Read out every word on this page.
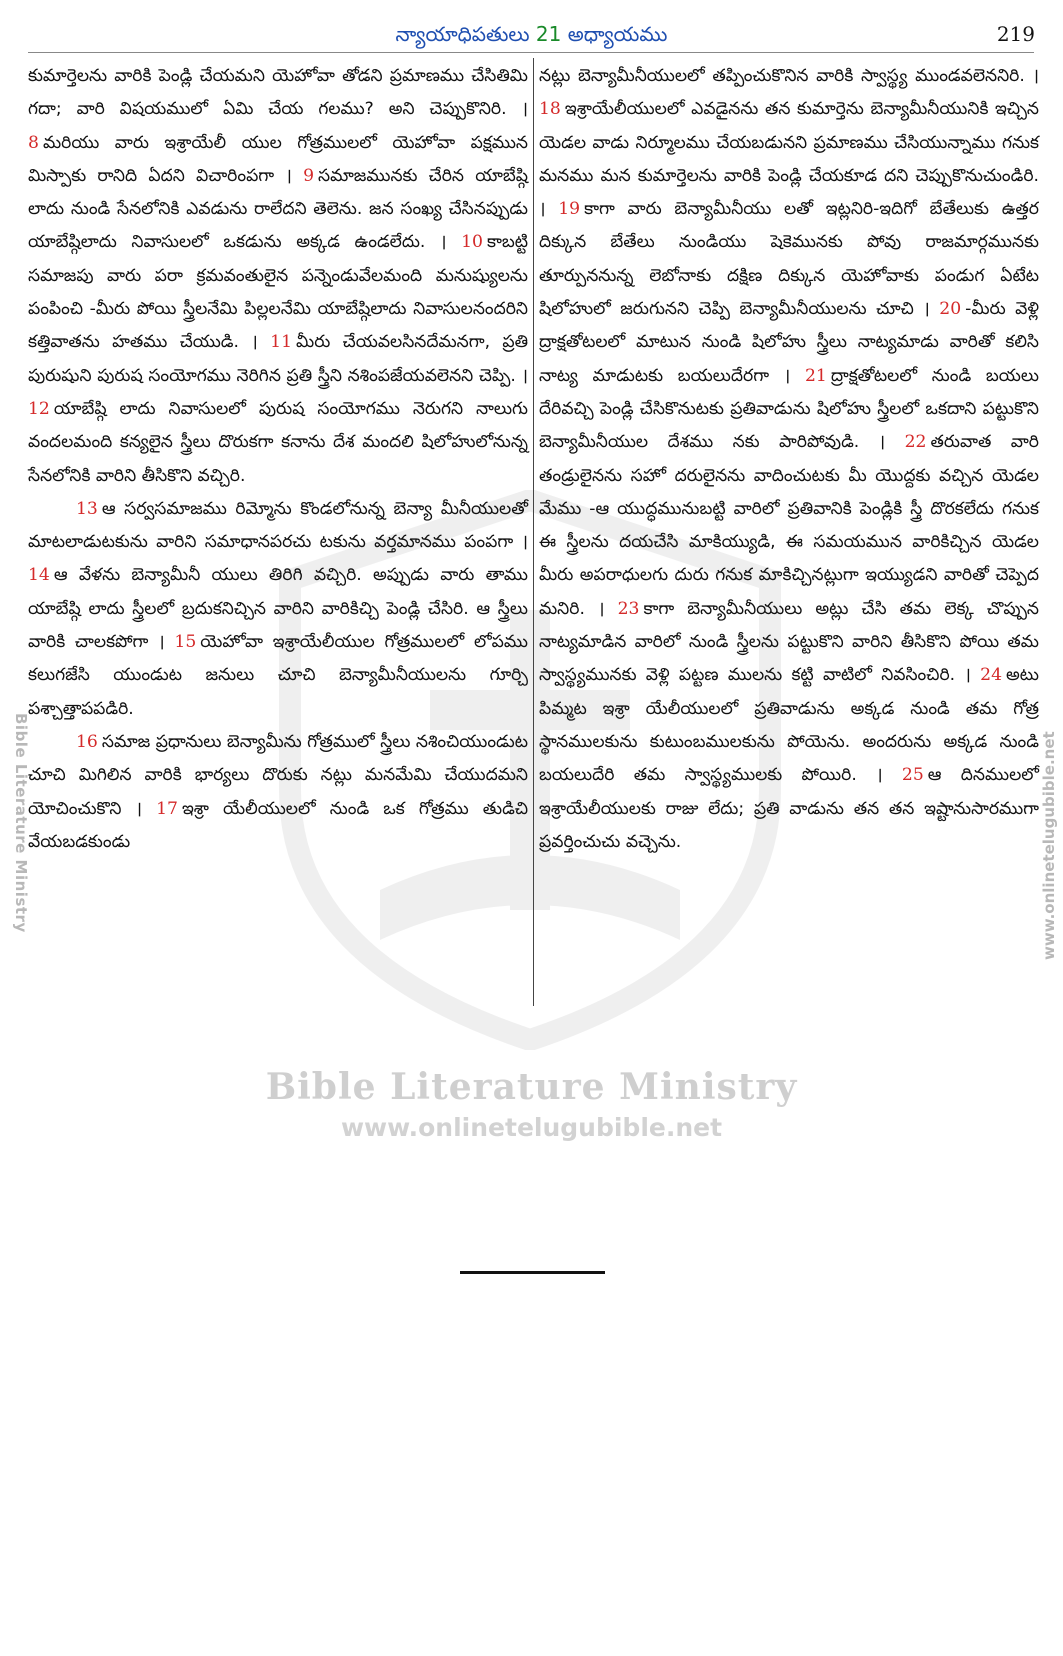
న్యాయాధిపతులు 21 అధ్యాయము	219

కుమార్తెలను వారికి పెండ్లి చేయమని యెహోవా తోడని ప్రమాణము చేసితిమి గదా; వారి విషయములో ఏమి చేయ గలము? అని చెప్పుకొనిరి. । 8 మరియు వారు ఇశ్రాయేలీ యుల గోత్రములలో యెహోవా పక్షమున మిస్పాకు రానిది ఏదని విచారింపగా । 9 సమాజమునకు చేరిన యాబేష్గి లాదు నుండి సేనలోనికి ఎవడును రాలేదని తెలెను. జన సంఖ్య చేసినప్పుడు యాబేష్గిలాదు నివాసులలో ఒకడును అక్కడ ఉండలేదు. । 10 కాబట్టి సమాజపు వారు పరా క్రమవంతులైన పన్నెండువేలమంది మనుష్యులను పంపించి -మీరు పోయి స్త్రీలనేమి పిల్లలనేమి యాబేష్గిలాదు నివాసులనందరిని కత్తివాతను హతము చేయుడి. । 11 మీరు చేయవలసినదేమనగా, ప్రతి పురుషుని పురుష సంయోగము నెరిగిన ప్రతి స్త్రీని నశింపజేయవలెనని చెప్పి. । 12 యాబేష్గి లాదు నివాసులలో పురుష సంయోగము నెరుగని నాలుగు వందలమంది కన్యలైన స్త్రీలు దొరుకగా కనాను దేశ మందలి షిలోహులోనున్న సేనలోనికి వారిని తీసికొని వచ్చిరి.

13 ఆ సర్వసమాజము రిమ్మోను కొండలోనున్న బెన్యా మీనీయులతో మాటలాడుటకును వారిని సమాధానపరచు టకును వర్తమానము పంపగా । 14 ఆ వేళను బెన్యామీనీ యులు తిరిగి వచ్చిరి. అప్పుడు వారు తాము యాబేష్గి లాదు స్త్రీలలో బ్రదుకనిచ్చిన వారిని వారికిచ్చి పెండ్లి చేసిరి. ఆ స్త్రీలు వారికి చాలకపోగా । 15 యెహోవా ఇశ్రాయేలీయుల గోత్రములలో లోపము కలుగజేసి యుండుట జనులు చూచి బెన్యామీనీయులను గూర్చి పశ్చాత్తాపపడిరి.

16 సమాజ ప్రధానులు బెన్యామీను గోత్రములో స్త్రీలు నశించియుండుట చూచి మిగిలిన వారికి భార్యలు దొరుకు నట్లు మనమేమి చేయుదమని యోచించుకొని । 17 ఇశ్రా యేలీయులలో నుండి ఒక గోత్రము తుడిచి వేయబడకుండు

నట్లు బెన్యామీనీయులలో తప్పించుకొనిన వారికి స్వాస్థ్య ముండవలెననిరి. । 18 ఇశ్రాయేలీయులలో ఎవడైనను తన కుమార్తెను బెన్యామీనీయునికి ఇచ్చిన యెడల వాడు నిర్మూలము చేయబడునని ప్రమాణము చేసియున్నాము గనుక మనము మన కుమార్తెలను వారికి పెండ్లి చేయకూడ దని చెప్పుకొనుచుండిరి. । 19 కాగా వారు బెన్యామీనీయు లతో ఇట్లనిరి-ఇదిగో బేతేలుకు ఉత్తర దిక్కున బేతేలు నుండియు షెకెమునకు పోవు రాజమార్గమునకు తూర్పుననున్న లెబోనాకు దక్షిణ దిక్కున యెహోవాకు పండుగ ఏటేట షిలోహులో జరుగునని చెప్పి బెన్యామీనీయులను చూచి । 20 -మీరు వెళ్లి ద్రాక్షతోటలలో మాటున నుండి షిలోహు స్త్రీలు నాట్యమాడు వారితో కలిసి నాట్య మాడుటకు బయలుదేరగా । 21 ద్రాక్షతోటలలో నుండి బయలు దేరివచ్చి పెండ్లి చేసికొనుటకు ప్రతివాడును షిలోహు స్త్రీలలో ఒకదాని పట్టుకొని బెన్యామీనీయుల దేశము నకు పారిపోవుడి. । 22 తరువాత వారి తండ్రులైనను సహో దరులైనను వాదించుటకు మీ యొద్దకు వచ్చిన యెడల మేము -ఆ యుద్ధమునుబట్టి వారిలో ప్రతివానికి పెండ్లికి స్త్రీ దొరకలేదు గనుక ఈ స్త్రీలను దయచేసి మాకియ్యుడి, ఈ సమయమున వారికిచ్చిన యెడల మీరు అపరాధులగు దురు గనుక మాకిచ్చినట్లుగా ఇయ్యుడని వారితో చెప్పెద మనిరి. । 23 కాగా బెన్యామీనీయులు అట్లు చేసి తమ లెక్క చొప్పున నాట్యమాడిన వారిలో నుండి స్త్రీలను పట్టుకొని వారిని తీసికొని పోయి తమ స్వాస్థ్యమునకు వెళ్లి పట్టణ ములను కట్టి వాటిలో నివసించిరి. । 24 అటు పిమ్మట ఇశ్రా యేలీయులలో ప్రతివాడును అక్కడ నుండి తమ గోత్ర స్థానములకును కుటుంబములకును పోయెను. అందరును అక్కడ నుండి బయలుదేరి తమ స్వాస్థ్యములకు పోయిరి. । 25 ఆ దినములలో ఇశ్రాయేలీయులకు రాజు లేదు; ప్రతి వాడును తన తన ఇష్టానుసారముగా ప్రవర్తించుచు వచ్చెను.

Bible Literature Ministry
www.onlinetelugubible.net
Bible Literature Ministry	www.onlinetelugubible.net
